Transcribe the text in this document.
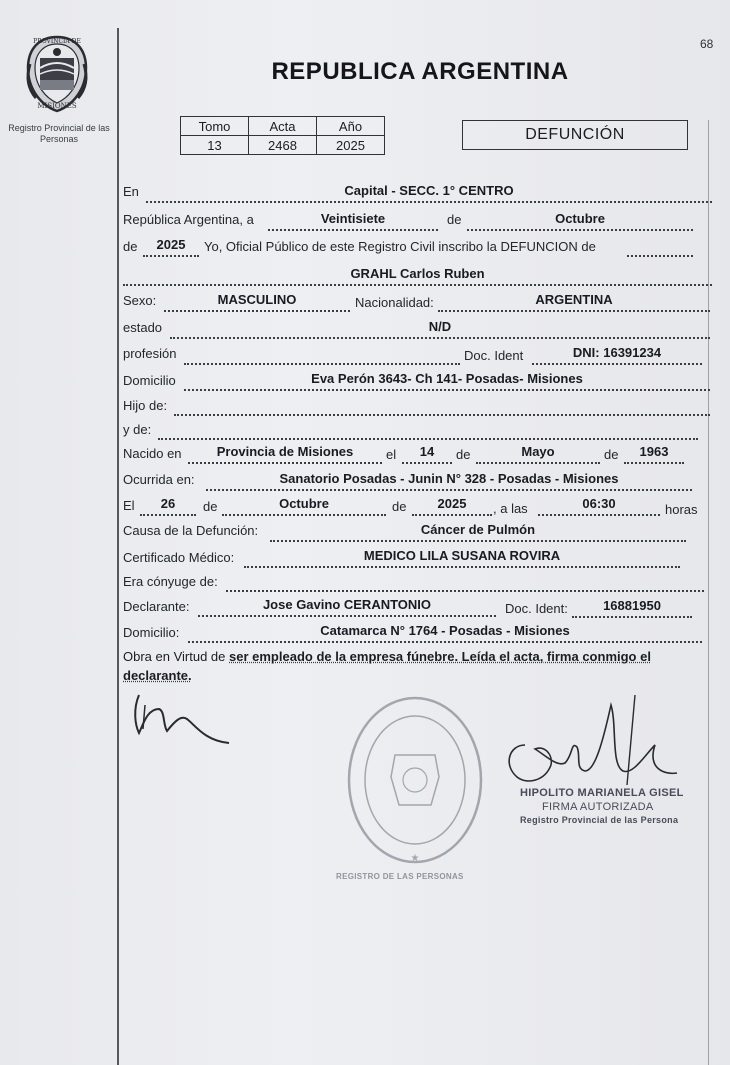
PROVINCIA DE
MISIONES
Registro Provincial de las Personas
68
REPUBLICA ARGENTINA
Tomo	Acta	Año
13	2468	2025
DEFUNCIÓN
En	Capital - SECC. 1° CENTRO
República Argentina, a	Veintisiete	de	Octubre
de	2025	Yo, Oficial Público de este Registro Civil inscribo la DEFUNCION de
GRAHL Carlos Ruben
Sexo:	MASCULINO	Nacionalidad:	ARGENTINA
estado	N/D
profesión	Doc. Ident	DNI: 16391234
Domicilio	Eva Perón 3643- Ch 141- Posadas- Misiones
Hijo de:
y de:
Nacido en	Provincia de Misiones	el	14	de	Mayo	de	1963
Ocurrida en:	Sanatorio Posadas - Junin N° 328 - Posadas - Misiones
El	26	de	Octubre	de	2025	, a las	06:30	horas
Causa de la Defunción:	Cáncer de Pulmón
Certificado Médico:	MEDICO LILA SUSANA ROVIRA
Era cónyuge de:
Declarante:	Jose Gavino CERANTONIO	Doc. Ident:	16881950
Domicilio:	Catamarca N° 1764 - Posadas - Misiones
Obra en Virtud de ser empleado de la empresa fúnebre. Leída el acta, firma conmigo el declarante.
★
HIPOLITO MARIANELA GISEL
FIRMA AUTORIZADA
Registro Provincial de las Persona
REGISTRO DE LAS PERSONAS
